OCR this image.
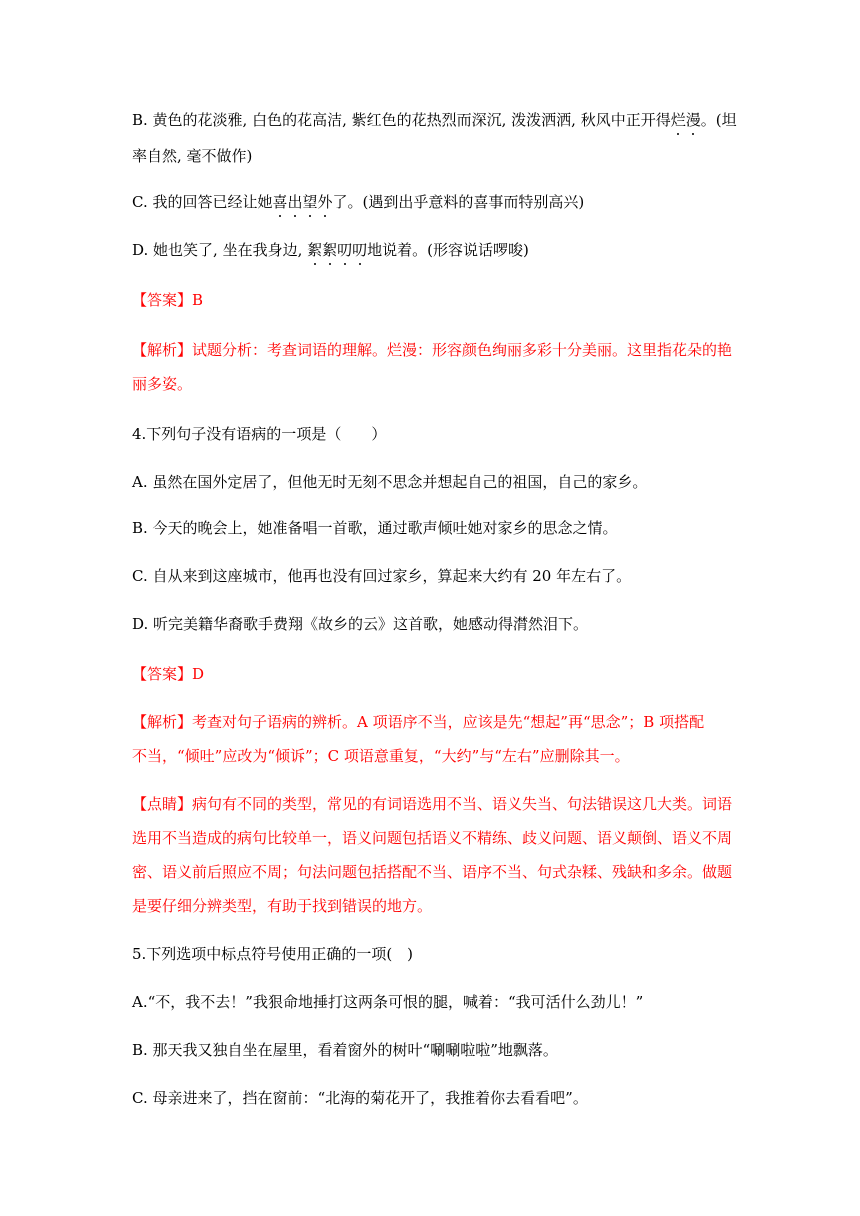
B. 黄色的花淡雅, 白色的花高洁, 紫红色的花热烈而深沉, 泼泼洒洒, 秋风中正开得烂漫。(坦
率自然, 毫不做作)
C. 我的回答已经让她喜出望外了。(遇到出乎意料的喜事而特别高兴)
D. 她也笑了, 坐在我身边, 絮絮叨叨地说着。(形容说话啰唆)
【答案】B
【解析】试题分析：考查词语的理解。烂漫：形容颜色绚丽多彩十分美丽。这里指花朵的艳
丽多姿。
4.下列句子没有语病的一项是（　　）
A. 虽然在国外定居了，但他无时无刻不思念并想起自己的祖国，自己的家乡。
B. 今天的晚会上，她准备唱一首歌，通过歌声倾吐她对家乡的思念之情。
C. 自从来到这座城市，他再也没有回过家乡，算起来大约有 20 年左右了。
D. 听完美籍华裔歌手费翔《故乡的云》这首歌，她感动得潸然泪下。
【答案】D
【解析】考查对句子语病的辨析。A 项语序不当，应该是先“想起”再“思念”；B 项搭配
不当，“倾吐”应改为“倾诉”；C 项语意重复，“大约”与“左右”应删除其一。
【点睛】病句有不同的类型，常见的有词语选用不当、语义失当、句法错误这几大类。词语
选用不当造成的病句比较单一，语义问题包括语义不精练、歧义问题、语义颠倒、语义不周
密、语义前后照应不周；句法问题包括搭配不当、语序不当、句式杂糅、残缺和多余。做题
是要仔细分辨类型，有助于找到错误的地方。
5.下列选项中标点符号使用正确的一项(　)
A.“不，我不去！”我狠命地捶打这两条可恨的腿，喊着：“我可活什么劲儿！”
B. 那天我又独自坐在屋里，看着窗外的树叶“唰唰啦啦”地飘落。
C. 母亲进来了，挡在窗前：“北海的菊花开了，我推着你去看看吧”。
